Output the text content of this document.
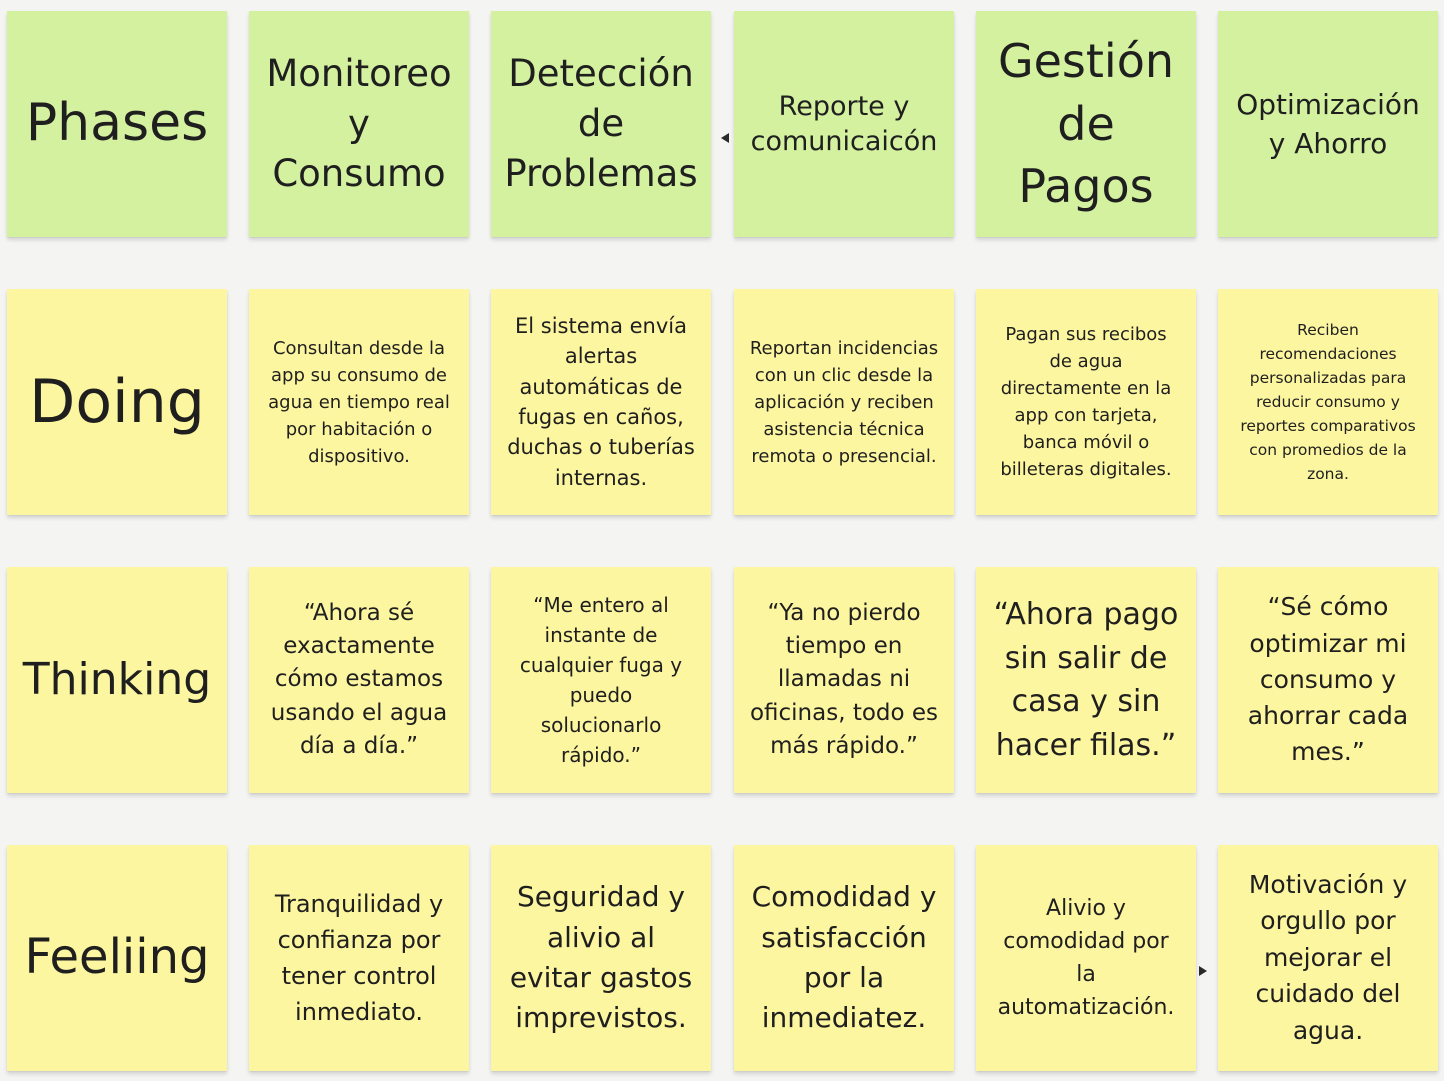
Phases
Monitoreo y Consumo
Detección de Problemas
Reporte y comunicaicón
Gestión de Pagos
Optimización y Ahorro
Doing
Consultan desde la app su consumo de agua en tiempo real por habitación o dispositivo.
El sistema envía alertas automáticas de fugas en caños, duchas o tuberías internas.
Reportan incidencias con un clic desde la aplicación y reciben asistencia técnica remota o presencial.
Pagan sus recibos de agua directamente en la app con tarjeta, banca móvil o billeteras digitales.
Reciben recomendaciones personalizadas para reducir consumo y reportes comparativos con promedios de la zona.
Thinking
“Ahora sé exactamente cómo estamos usando el agua día a día.”
“Me entero al instante de cualquier fuga y puedo solucionarlo rápido.”
“Ya no pierdo tiempo en llamadas ni oficinas, todo es más rápido.”
“Ahora pago sin salir de casa y sin hacer filas.”
“Sé cómo optimizar mi consumo y ahorrar cada mes.”
Feeliing
Tranquilidad y confianza por tener control inmediato.
Seguridad y alivio al evitar gastos imprevistos.
Comodidad y satisfacción por la inmediatez.
Alivio y comodidad por la automatización.
Motivación y orgullo por mejorar el cuidado del agua.
